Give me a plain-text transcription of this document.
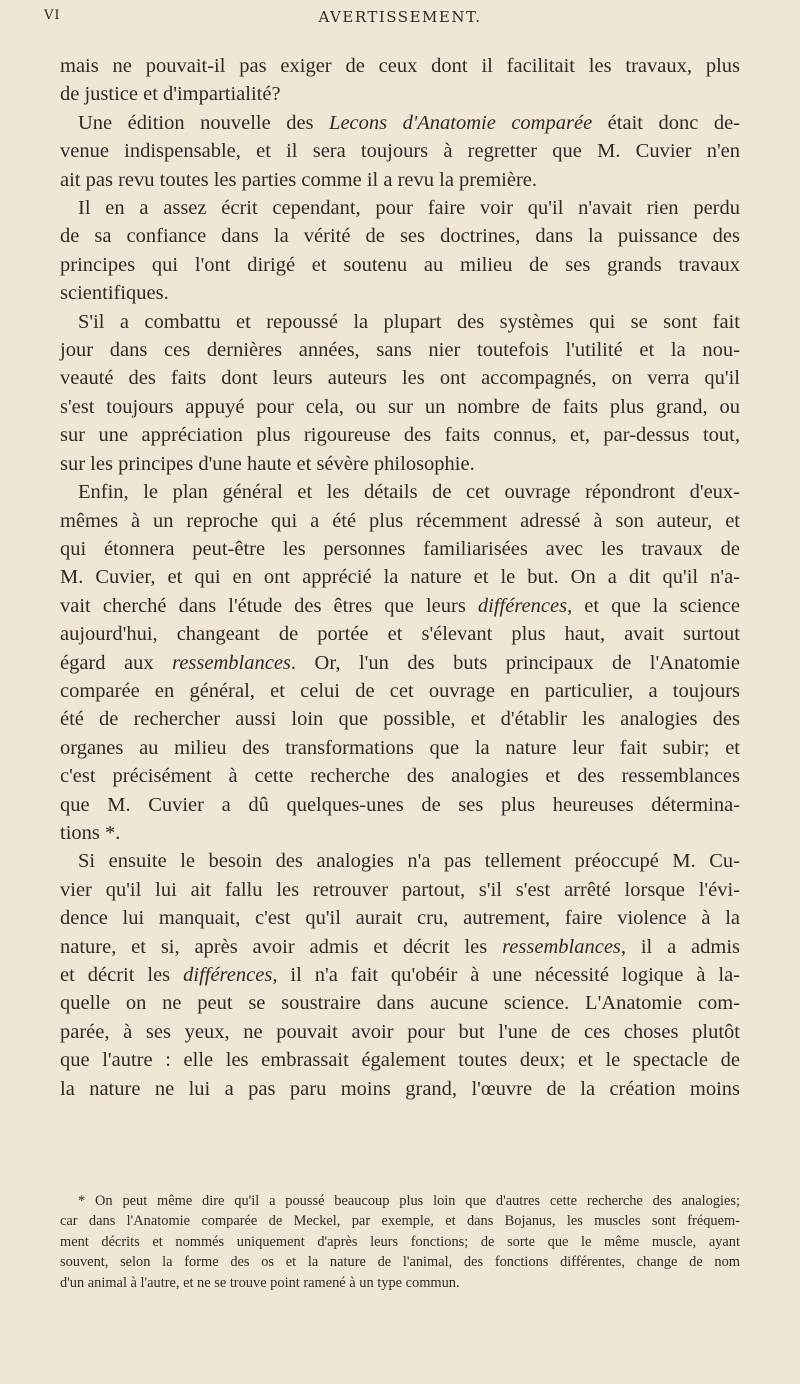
VI	AVERTISSEMENT.
mais ne pouvait-il pas exiger de ceux dont il facilitait les travaux, plus
de justice et d'impartialité?
Une édition nouvelle des Lecons d'Anatomie comparée était donc de-
venue indispensable, et il sera toujours à regretter que M. Cuvier n'en
ait pas revu toutes les parties comme il a revu la première.
Il en a assez écrit cependant, pour faire voir qu'il n'avait rien perdu
de sa confiance dans la vérité de ses doctrines, dans la puissance des
principes qui l'ont dirigé et soutenu au milieu de ses grands travaux
scientifiques.
S'il a combattu et repoussé la plupart des systèmes qui se sont fait
jour dans ces dernières années, sans nier toutefois l'utilité et la nou-
veauté des faits dont leurs auteurs les ont accompagnés, on verra qu'il
s'est toujours appuyé pour cela, ou sur un nombre de faits plus grand, ou
sur une appréciation plus rigoureuse des faits connus, et, par-dessus tout,
sur les principes d'une haute et sévère philosophie.
Enfin, le plan général et les détails de cet ouvrage répondront d'eux-
mêmes à un reproche qui a été plus récemment adressé à son auteur, et
qui étonnera peut-être les personnes familiarisées avec les travaux de
M. Cuvier, et qui en ont apprécié la nature et le but. On a dit qu'il n'a-
vait cherché dans l'étude des êtres que leurs différences, et que la science
aujourd'hui, changeant de portée et s'élevant plus haut, avait surtout
égard aux ressemblances. Or, l'un des buts principaux de l'Anatomie
comparée en général, et celui de cet ouvrage en particulier, a toujours
été de rechercher aussi loin que possible, et d'établir les analogies des
organes au milieu des transformations que la nature leur fait subir; et
c'est précisément à cette recherche des analogies et des ressemblances
que M. Cuvier a dû quelques-unes de ses plus heureuses détermina-
tions *.
Si ensuite le besoin des analogies n'a pas tellement préoccupé M. Cu-
vier qu'il lui ait fallu les retrouver partout, s'il s'est arrêté lorsque l'évi-
dence lui manquait, c'est qu'il aurait cru, autrement, faire violence à la
nature, et si, après avoir admis et décrit les ressemblances, il a admis
et décrit les différences, il n'a fait qu'obéir à une nécessité logique à la-
quelle on ne peut se soustraire dans aucune science. L'Anatomie com-
parée, à ses yeux, ne pouvait avoir pour but l'une de ces choses plutôt
que l'autre : elle les embrassait également toutes deux; et le spectacle de
la nature ne lui a pas paru moins grand, l'œuvre de la création moins
* On peut même dire qu'il a poussé beaucoup plus loin que d'autres cette recherche des analogies;
car dans l'Anatomie comparée de Meckel, par exemple, et dans Bojanus, les muscles sont fréquem-
ment décrits et nommés uniquement d'après leurs fonctions; de sorte que le même muscle, ayant
souvent, selon la forme des os et la nature de l'animal, des fonctions différentes, change de nom
d'un animal à l'autre, et ne se trouve point ramené à un type commun.
